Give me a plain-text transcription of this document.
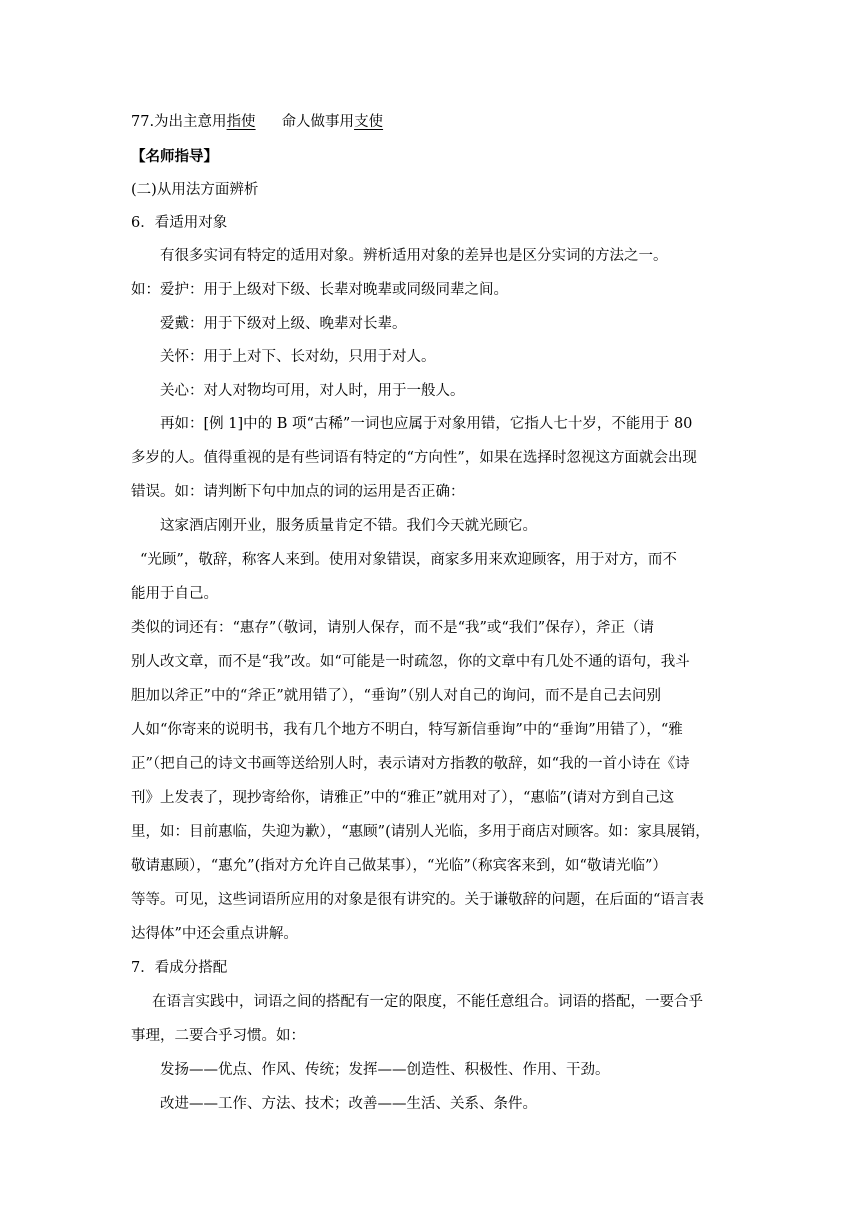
77.为出主意用指使 命人做事用支使
【名师指导】
(二)从用法方面辨析
6．看适用对象
有很多实词有特定的适用对象。辨析适用对象的差异也是区分实词的方法之一。
如：爱护：用于上级对下级、长辈对晚辈或同级同辈之间。
爱戴：用于下级对上级、晚辈对长辈。
关怀：用于上对下、长对幼，只用于对人。
关心：对人对物均可用，对人时，用于一般人。
再如：[例 1]中的 B 项“古稀”一词也应属于对象用错，它指人七十岁，不能用于 80
多岁的人。值得重视的是有些词语有特定的“方向性”，如果在选择时忽视这方面就会出现
错误。如：请判断下句中加点的词的运用是否正确：
这家酒店刚开业，服务质量肯定不错。我们今天就光顾它。
“光顾”，敬辞，称客人来到。使用对象错误，商家多用来欢迎顾客，用于对方，而不
能用于自己。
类似的词还有：“惠存”（敬词，请别人保存，而不是“我”或“我们”保存），斧正（请
别人改文章，而不是“我”改。如“可能是一时疏忽，你的文章中有几处不通的语句，我斗
胆加以斧正”中的“斧正”就用错了），“垂询”（别人对自己的询问，而不是自己去问别
人如“你寄来的说明书，我有几个地方不明白，特写新信垂询”中的“垂询”用错了），“雅
正”（把自己的诗文书画等送给别人时，表示请对方指教的敬辞，如“我的一首小诗在《诗
刊》上发表了，现抄寄给你，请雅正”中的“雅正”就用对了），“惠临”(请对方到自己这
里，如：目前惠临，失迎为歉），“惠顾”(请别人光临，多用于商店对顾客。如：家具展销，
敬请惠顾），“惠允”(指对方允许自己做某事），“光临”（称宾客来到，如“敬请光临”）
等等。可见，这些词语所应用的对象是很有讲究的。关于谦敬辞的问题，在后面的“语言表
达得体”中还会重点讲解。
7．看成分搭配
在语言实践中，词语之间的搭配有一定的限度，不能任意组合。词语的搭配，一要合乎
事理，二要合乎习惯。如：
发扬——优点、作风、传统；发挥——创造性、积极性、作用、干劲。
改进——工作、方法、技术；改善——生活、关系、条件。
